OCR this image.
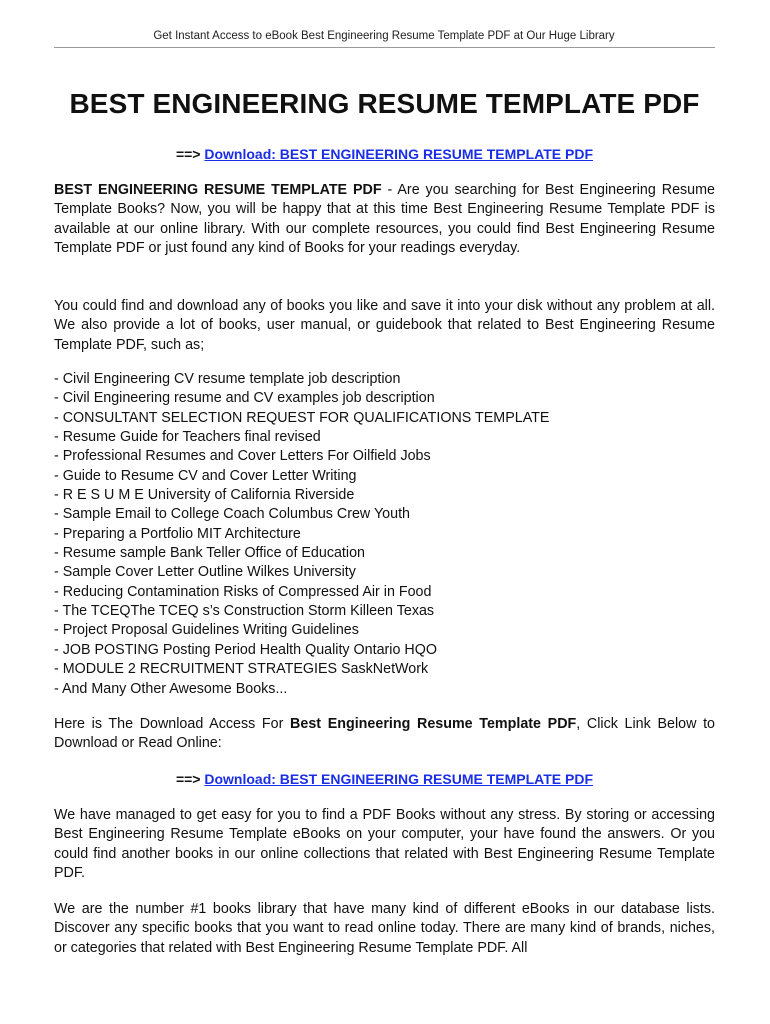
Get Instant Access to eBook Best Engineering Resume Template PDF at Our Huge Library
BEST ENGINEERING RESUME TEMPLATE PDF
==> Download: BEST ENGINEERING RESUME TEMPLATE PDF

BEST ENGINEERING RESUME TEMPLATE PDF - Are you searching for Best Engineering Resume Template Books? Now, you will be happy that at this time Best Engineering Resume Template PDF is available at our online library. With our complete resources, you could find Best Engineering Resume Template PDF or just found any kind of Books for your readings everyday.

You could find and download any of books you like and save it into your disk without any problem at all. We also provide a lot of books, user manual, or guidebook that related to Best Engineering Resume Template PDF, such as;

- Civil Engineering CV resume template job description
- Civil Engineering resume and CV examples job description
- CONSULTANT SELECTION REQUEST FOR QUALIFICATIONS TEMPLATE
- Resume Guide for Teachers final revised
- Professional Resumes and Cover Letters For Oilfield Jobs
- Guide to Resume CV and Cover Letter Writing
- R E S U M E University of California Riverside
- Sample Email to College Coach Columbus Crew Youth
- Preparing a Portfolio MIT Architecture
- Resume sample Bank Teller Office of Education
- Sample Cover Letter Outline Wilkes University
- Reducing Contamination Risks of Compressed Air in Food
- The TCEQThe TCEQ s’s Construction Storm Killeen Texas
- Project Proposal Guidelines Writing Guidelines
- JOB POSTING Posting Period Health Quality Ontario HQO
- MODULE 2 RECRUITMENT STRATEGIES SaskNetWork
- And Many Other Awesome Books...

Here is The Download Access For Best Engineering Resume Template PDF, Click Link Below to Download or Read Online:

==> Download: BEST ENGINEERING RESUME TEMPLATE PDF

We have managed to get easy for you to find a PDF Books without any stress. By storing or accessing Best Engineering Resume Template eBooks on your computer, your have found the answers. Or you could find another books in our online collections that related with Best Engineering Resume Template PDF.

We are the number #1 books library that have many kind of different eBooks in our database lists. Discover any specific books that you want to read online today. There are many kind of brands, niches, or categories that related with Best Engineering Resume Template PDF. All
